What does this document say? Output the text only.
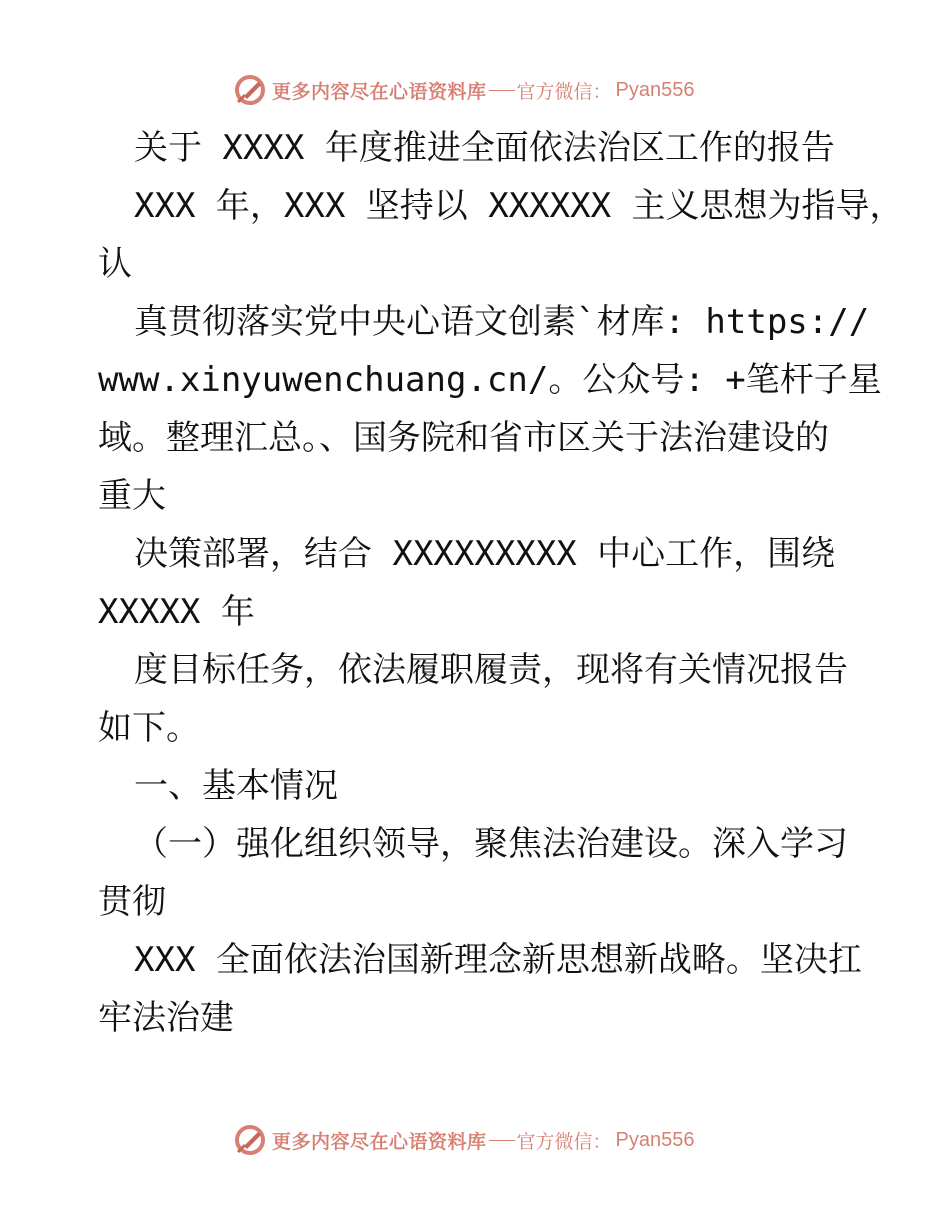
更多内容尽在心语资料库 官方微信： Pyan556
关于 XXXX 年度推进全面依法治区工作的报告
XXX 年，XXX 坚持以 XXXXXX 主义思想为指导，
认
真贯彻落实党中央心语文创素`材库: https://
www.xinyuwenchuang.cn/。公众号: +笔杆子星
域。整理汇总。、国务院和省市区关于法治建设的
重大
决策部署，结合 XXXXXXXXX 中心工作，围绕
XXXXX 年
度目标任务，依法履职履责，现将有关情况报告
如下。
一、基本情况
（一）强化组织领导，聚焦法治建设。深入学习
贯彻
XXX 全面依法治国新理念新思想新战略。坚决扛
牢法治建
更多内容尽在心语资料库 官方微信： Pyan556
